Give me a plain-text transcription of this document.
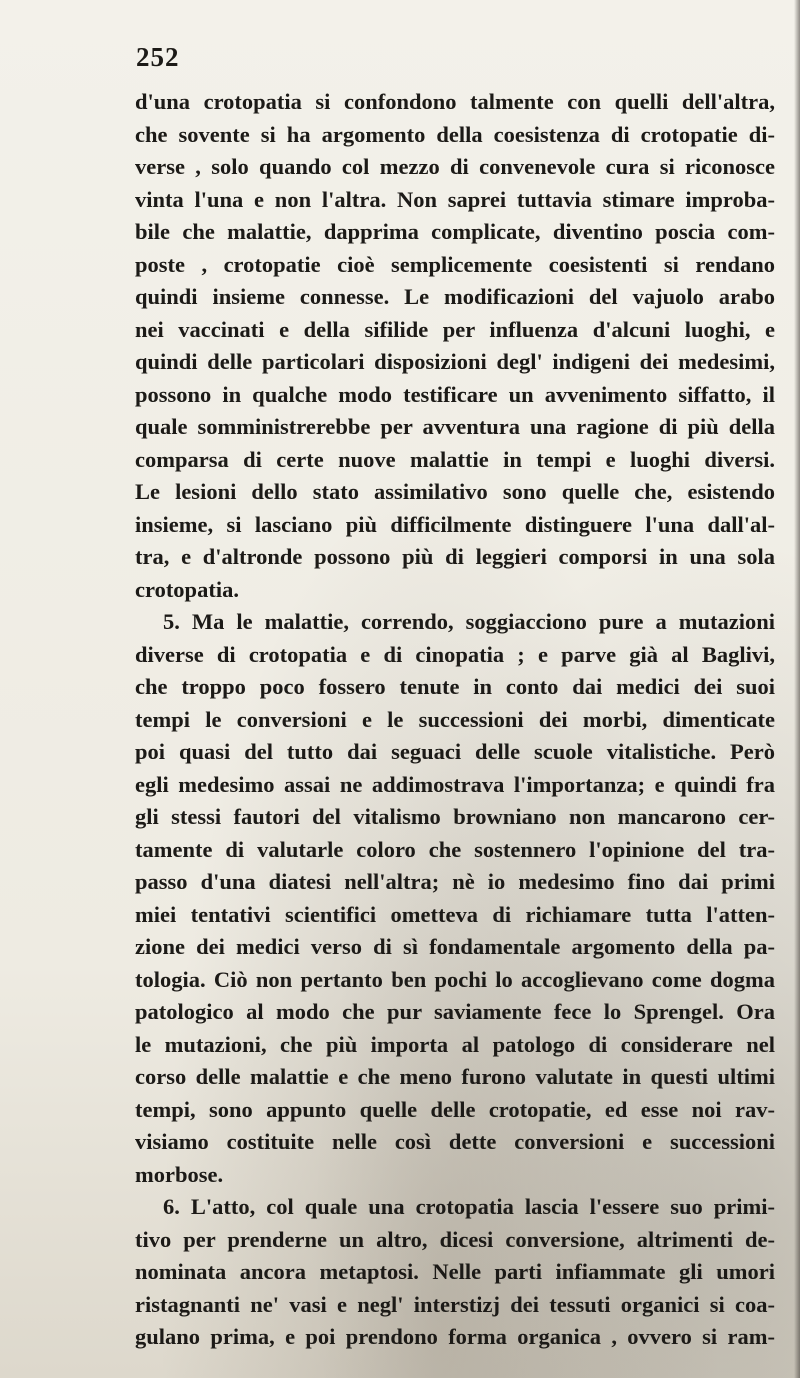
252
d'una crotopatia si confondono talmente con quelli dell'altra,
che sovente si ha argomento della coesistenza di crotopatie di-
verse , solo quando col mezzo di convenevole cura si riconosce
vinta l'una e non l'altra. Non saprei tuttavia stimare improba-
bile che malattie, dapprima complicate, diventino poscia com-
poste , crotopatie cioè semplicemente coesistenti si rendano
quindi insieme connesse. Le modificazioni del vajuolo arabo
nei vaccinati e della sifilide per influenza d'alcuni luoghi, e
quindi delle particolari disposizioni degl' indigeni dei medesimi,
possono in qualche modo testificare un avvenimento siffatto, il
quale somministrerebbe per avventura una ragione di più della
comparsa di certe nuove malattie in tempi e luoghi diversi.
Le lesioni dello stato assimilativo sono quelle che, esistendo
insieme, si lasciano più difficilmente distinguere l'una dall'al-
tra, e d'altronde possono più di leggieri comporsi in una sola
crotopatia.
5. Ma le malattie, correndo, soggiacciono pure a mutazioni
diverse di crotopatia e di cinopatia ; e parve già al Baglivi,
che troppo poco fossero tenute in conto dai medici dei suoi
tempi le conversioni e le successioni dei morbi, dimenticate
poi quasi del tutto dai seguaci delle scuole vitalistiche. Però
egli medesimo assai ne addimostrava l'importanza; e quindi fra
gli stessi fautori del vitalismo browniano non mancarono cer-
tamente di valutarle coloro che sostennero l'opinione del tra-
passo d'una diatesi nell'altra; nè io medesimo fino dai primi
miei tentativi scientifici ometteva di richiamare tutta l'atten-
zione dei medici verso di sì fondamentale argomento della pa-
tologia. Ciò non pertanto ben pochi lo accoglievano come dogma
patologico al modo che pur saviamente fece lo Sprengel. Ora
le mutazioni, che più importa al patologo di considerare nel
corso delle malattie e che meno furono valutate in questi ultimi
tempi, sono appunto quelle delle crotopatie, ed esse noi rav-
visiamo costituite nelle così dette conversioni e successioni
morbose.
6. L'atto, col quale una crotopatia lascia l'essere suo primi-
tivo per prenderne un altro, dicesi conversione, altrimenti de-
nominata ancora metaptosi. Nelle parti infiammate gli umori
ristagnanti ne' vasi e negl' interstizj dei tessuti organici si coa-
gulano prima, e poi prendono forma organica , ovvero si ram-
